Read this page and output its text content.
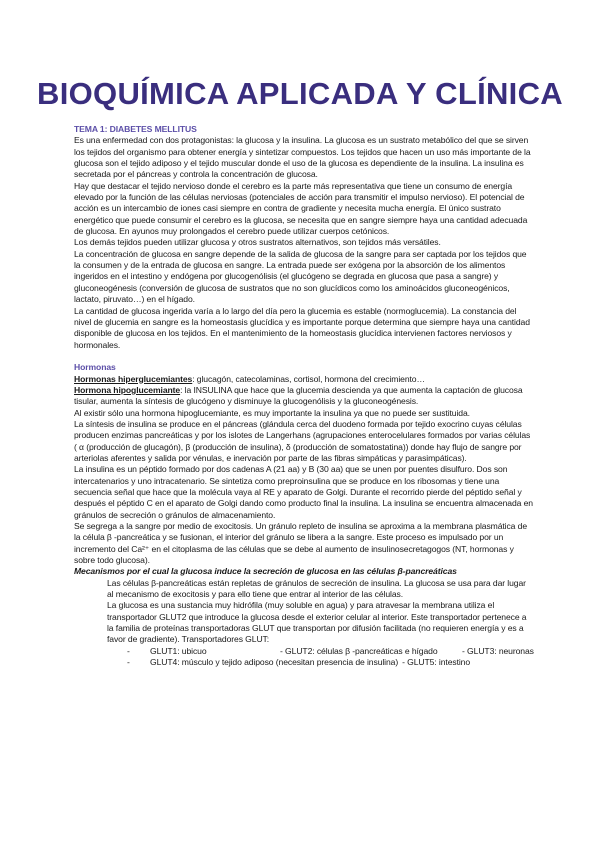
BIOQUÍMICA APLICADA Y CLÍNICA

TEMA 1: DIABETES MELLITUS

Es una enfermedad con dos protagonistas: la glucosa y la insulina. La glucosa es un sustrato metabólico del que se sirven los tejidos del organismo para obtener energía y sintetizar compuestos. Los tejidos que hacen un uso más importante de la glucosa son el tejido adiposo y el tejido muscular donde el uso de la glucosa es dependiente de la insulina. La insulina es secretada por el páncreas y controla la concentración de glucosa.

Hay que destacar el tejido nervioso donde el cerebro es la parte más representativa que tiene un consumo de energía elevado por la función de las células nerviosas (potenciales de acción para transmitir el impulso nervioso). El potencial de acción es un intercambio de iones casi siempre en contra de gradiente y necesita mucha energía. El único sustrato energético que puede consumir el cerebro es la glucosa, se necesita que en sangre siempre haya una cantidad adecuada de glucosa. En ayunos muy prolongados el cerebro puede utilizar cuerpos cetónicos.

Los demás tejidos pueden utilizar glucosa y otros sustratos alternativos, son tejidos más versátiles.

La concentración de glucosa en sangre depende de la salida de glucosa de la sangre para ser captada por los tejidos que la consumen y de la entrada de glucosa en sangre. La entrada puede ser exógena por la absorción de los alimentos ingeridos en el intestino y endógena por glucogenólisis (el glucógeno se degrada en glucosa que pasa a sangre) y gluconeogénesis (conversión de glucosa de sustratos que no son glucídicos como los aminoácidos gluconeogénicos, lactato, piruvato…) en el hígado.

La cantidad de glucosa ingerida varía a lo largo del día pero la glucemia es estable (normoglucemia). La constancia del nivel de glucemia en sangre es la homeostasis glucídica y es importante porque determina que siempre haya una cantidad disponible de glucosa en los tejidos. En el mantenimiento de la homeostasis glucídica intervienen factores nerviosos y hormonales.

Hormonas

Hormonas hiperglucemiantes: glucagón, catecolaminas, cortisol, hormona del crecimiento…

Hormona hipoglucemiante: la INSULINA que hace que la glucemia descienda ya que aumenta la captación de glucosa tisular, aumenta la síntesis de glucógeno y disminuye la glucogenólisis y la gluconeogénesis.

Al existir sólo una hormona hipoglucemiante, es muy importante la insulina ya que no puede ser sustituida.

La síntesis de insulina se produce en el páncreas (glándula cerca del duodeno formada por tejido exocrino cuyas células producen enzimas pancreáticas y por los islotes de Langerhans (agrupaciones enterocelulares formados por varias células ( α (producción de glucagón), β (producción de insulina), δ (producción de somatostatina)) donde hay flujo de sangre por arteriolas aferentes y salida por vénulas, e inervación por parte de las fibras simpáticas y parasimpáticas).

La insulina es un péptido formado por dos cadenas A (21 aa) y B (30 aa) que se unen por puentes disulfuro. Dos son intercatenarios y uno intracatenario. Se sintetiza como preproinsulina que se produce en los ribosomas y tiene una secuencia señal que hace que la molécula vaya al RE y aparato de Golgi. Durante el recorrido pierde del péptido señal y después el péptido C en el aparato de Golgi dando como producto final la insulina. La insulina se encuentra almacenada en gránulos de secreción o gránulos de almacenamiento.

Se segrega a la sangre por medio de exocitosis. Un gránulo repleto de insulina se aproxima a la membrana plasmática de la célula β -pancreática y se fusionan, el interior del gránulo se libera a la sangre. Este proceso es impulsado por un incremento del Ca²⁺ en el citoplasma de las células que se debe al aumento de insulinosecretagogos (NT, hormonas y sobre todo glucosa).

Mecanismos por el cual la glucosa induce la secreción de glucosa en las células β-pancreáticas

Las células β-pancreáticas están repletas de gránulos de secreción de insulina. La glucosa se usa para dar lugar al mecanismo de exocitosis y para ello tiene que entrar al interior de las células.

La glucosa es una sustancia muy hidrófila (muy soluble en agua) y para atravesar la membrana utiliza el transportador GLUT2 que introduce la glucosa desde el exterior celular al interior. Este transportador pertenece a la familia de proteínas transportadoras GLUT que transportan por difusión facilitada (no requieren energía y es a favor de gradiente). Transportadores GLUT:

-	GLUT1: ubicuo	- GLUT2: células β -pancreáticas e hígado	- GLUT3: neuronas
-	GLUT4: músculo y tejido adiposo (necesitan presencia de insulina) - GLUT5: intestino
